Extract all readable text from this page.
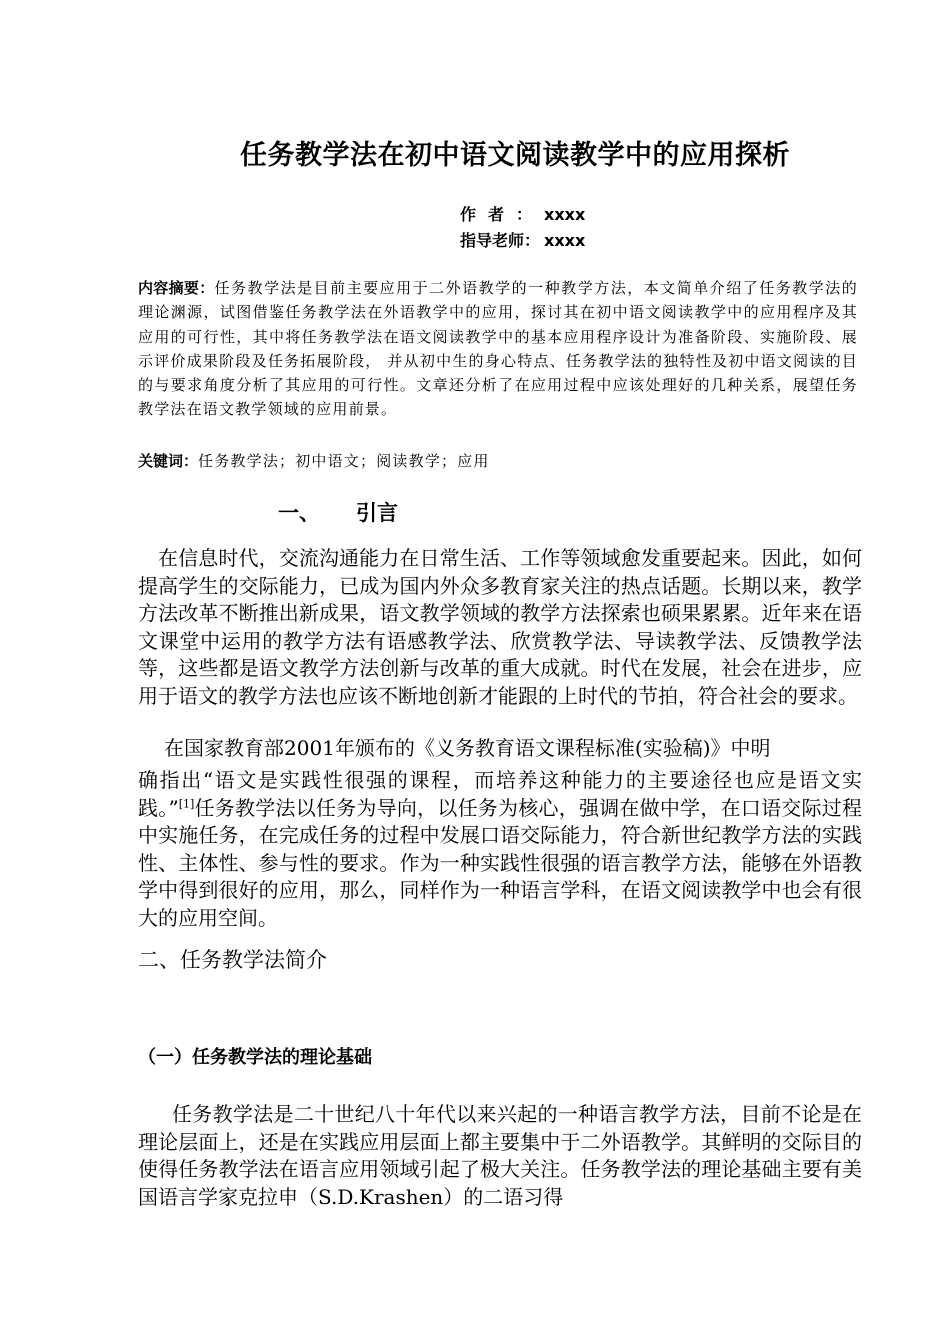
任务教学法在初中语文阅读教学中的应用探析
作者：xxxx
指导老师： xxxx
内容摘要：任务教学法是目前主要应用于二外语教学的一种教学方法，本文简单介绍了任务教学法的理论渊源，试图借鉴任务教学法在外语教学中的应用，探讨其在初中语文阅读教学中的应用程序及其应用的可行性，其中将任务教学法在语文阅读教学中的基本应用程序设计为准备阶段、实施阶段、展示评价成果阶段及任务拓展阶段， 并从初中生的身心特点、任务教学法的独特性及初中语文阅读的目的与要求角度分析了其应用的可行性。文章还分析了在应用过程中应该处理好的几种关系，展望任务教学法在语文教学领域的应用前景。
关键词：任务教学法；初中语文；阅读教学；应用
一、 引言
在信息时代，交流沟通能力在日常生活、工作等领域愈发重要起来。因此，如何提高学生的交际能力，已成为国内外众多教育家关注的热点话题。长期以来，教学方法改革不断推出新成果，语文教学领域的教学方法探索也硕果累累。近年来在语文课堂中运用的教学方法有语感教学法、欣赏教学法、导读教学法、反馈教学法等，这些都是语文教学方法创新与改革的重大成就。时代在发展，社会在进步，应用于语文的教学方法也应该不断地创新才能跟的上时代的节拍，符合社会的要求。
在国家教育部2001年颁布的《义务教育语文课程标准(实验稿)》中明
确指出“语文是实践性很强的课程，而培养这种能力的主要途径也应是语文实践。”[1]任务教学法以任务为导向，以任务为核心，强调在做中学，在口语交际过程中实施任务，在完成任务的过程中发展口语交际能力，符合新世纪教学方法的实践性、主体性、参与性的要求。作为一种实践性很强的语言教学方法，能够在外语教学中得到很好的应用，那么，同样作为一种语言学科，在语文阅读教学中也会有很大的应用空间。
二、任务教学法简介
（一）任务教学法的理论基础
任务教学法是二十世纪八十年代以来兴起的一种语言教学方法，目前不论是在理论层面上，还是在实践应用层面上都主要集中于二外语教学。其鲜明的交际目的使得任务教学法在语言应用领域引起了极大关注。任务教学法的理论基础主要有美国语言学家克拉申（S.D.Krashen）的二语习得
